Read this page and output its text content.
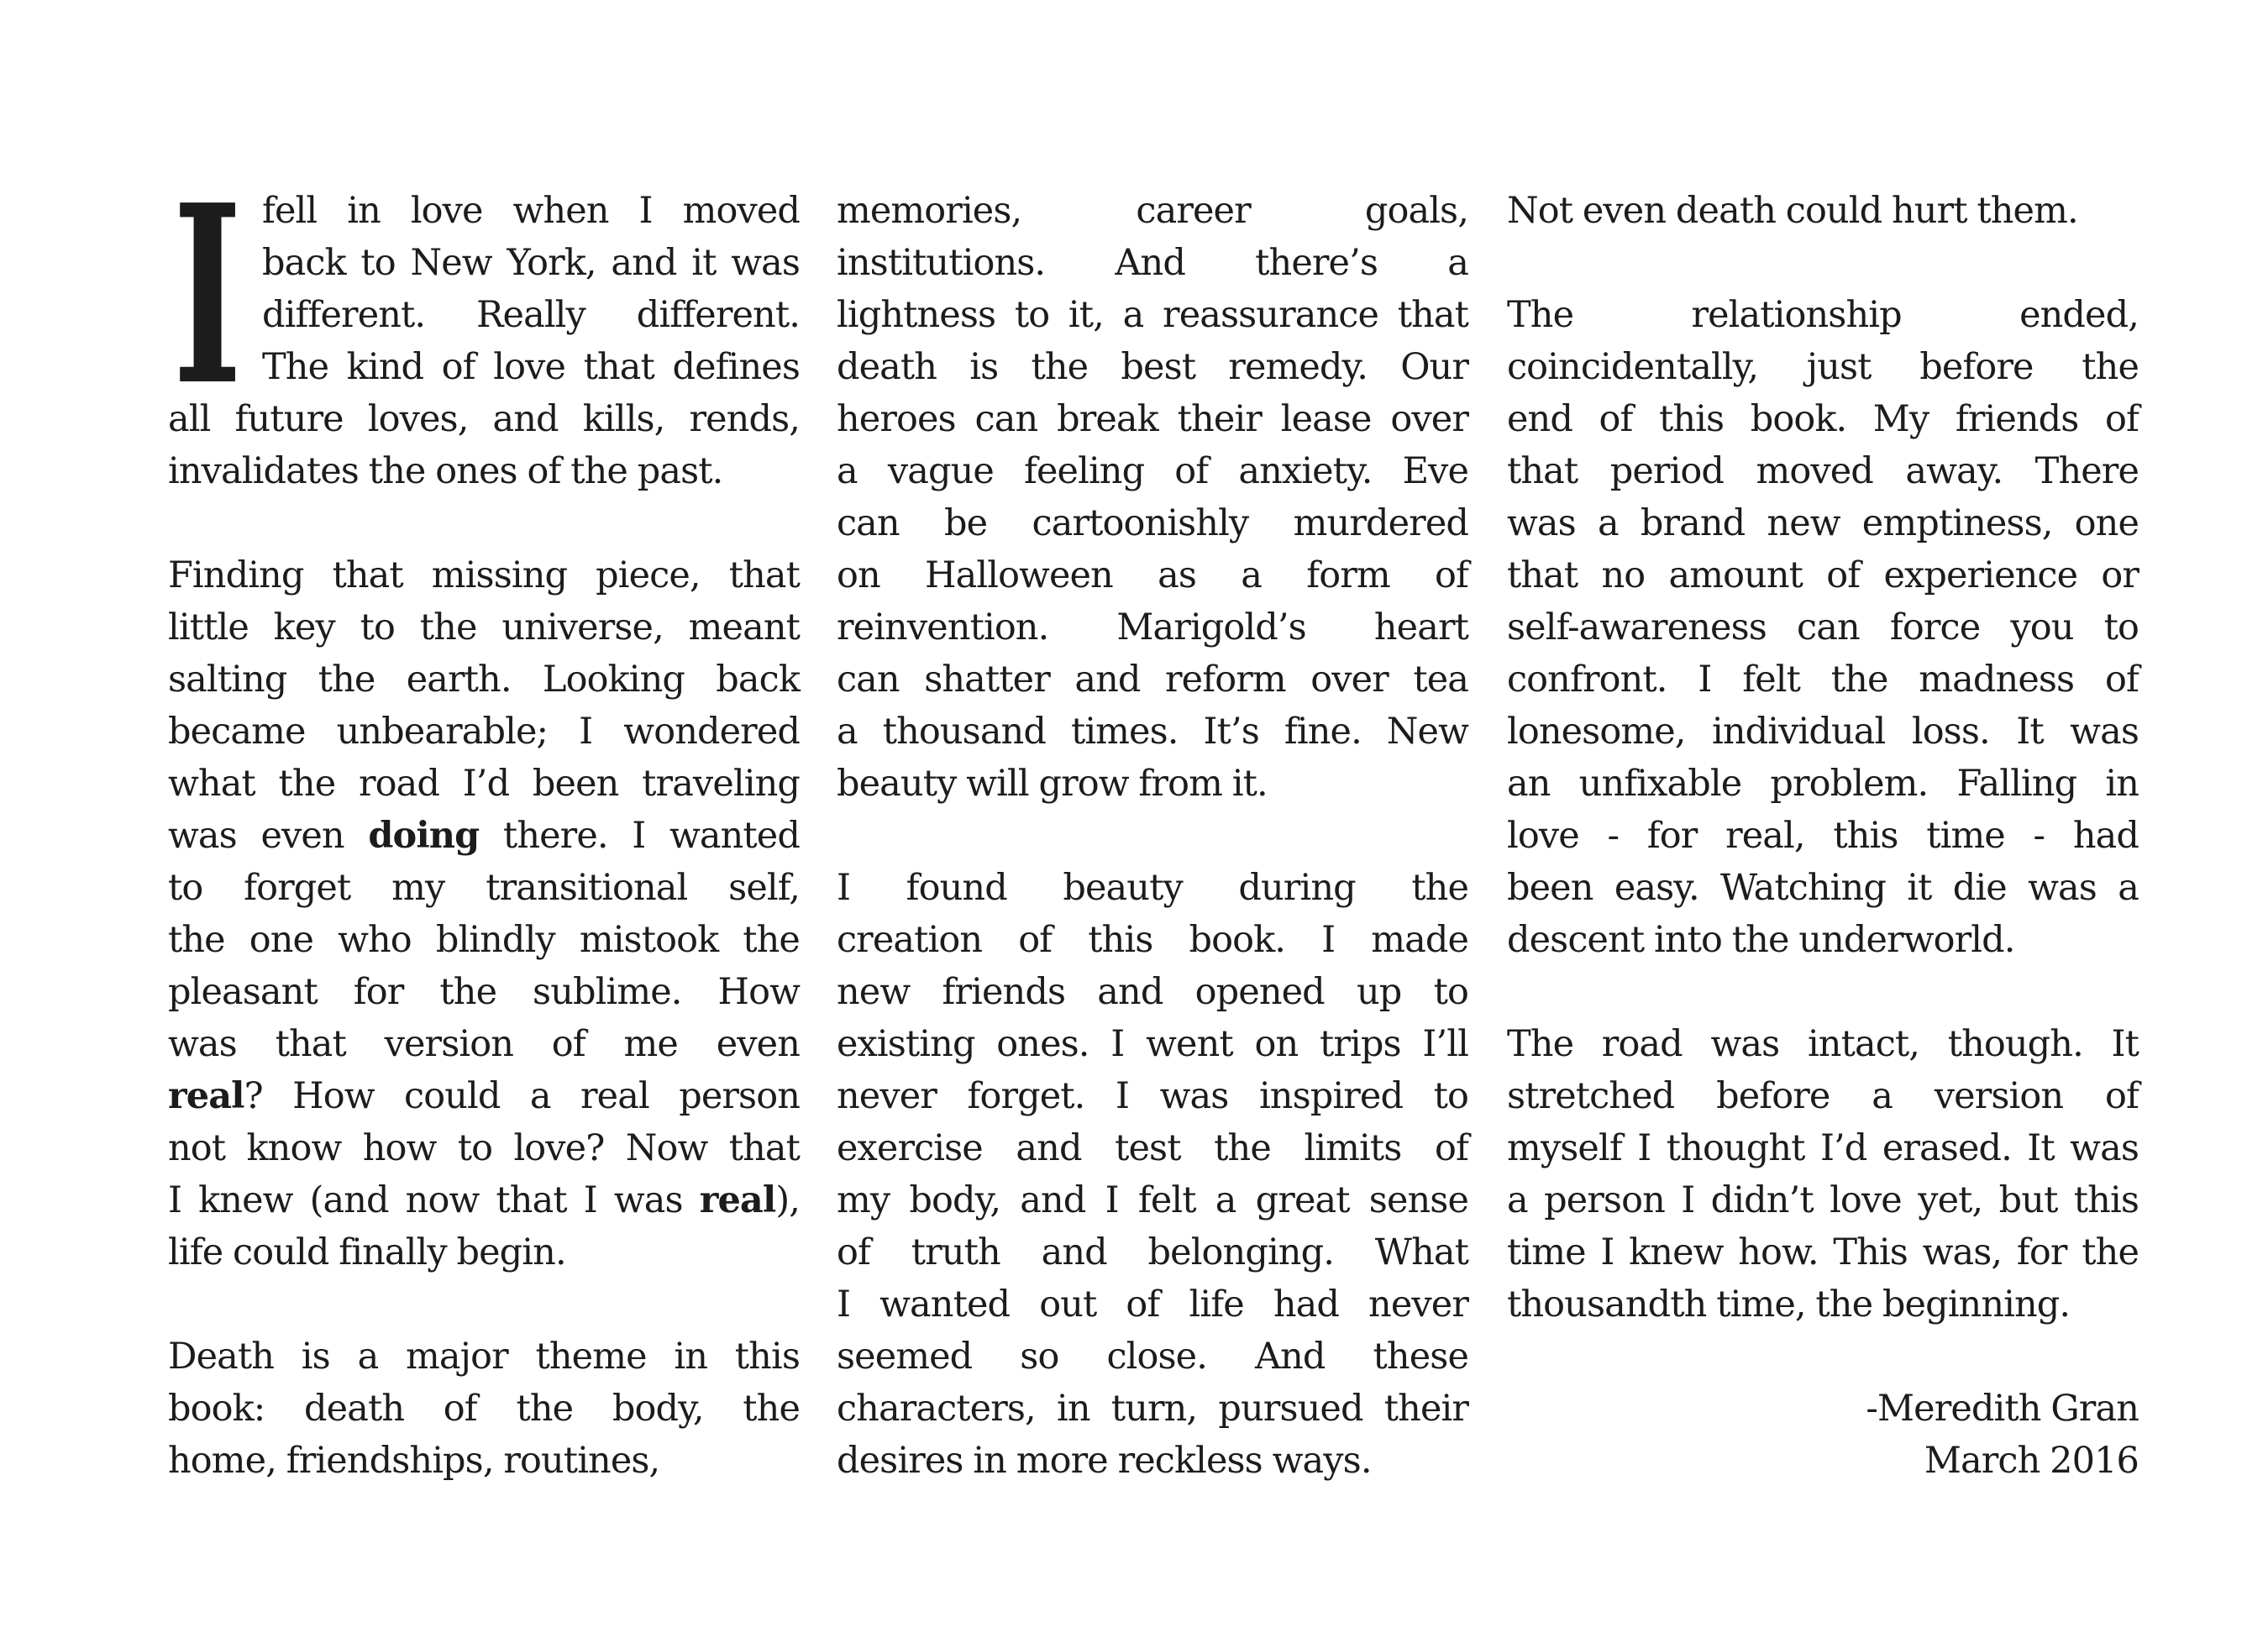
I fell in love when I moved
back to New York, and it was
different. Really different.
The kind of love that defines
all future loves, and kills, rends,
invalidates the ones of the past.
Finding that missing piece, that
little key to the universe, meant
salting the earth. Looking back
became unbearable; I wondered
what the road I’d been traveling
was even doing there. I wanted
to forget my transitional self,
the one who blindly mistook the
pleasant for the sublime. How
was that version of me even
real? How could a real person
not know how to love? Now that
I knew (and now that I was real),
life could finally begin.
Death is a major theme in this
book: death of the body, the
home, friendships, routines,
memories, career goals,
institutions. And there’s a
lightness to it, a reassurance that
death is the best remedy. Our
heroes can break their lease over
a vague feeling of anxiety. Eve
can be cartoonishly murdered
on Halloween as a form of
reinvention. Marigold’s heart
can shatter and reform over tea
a thousand times. It’s fine. New
beauty will grow from it.
I found beauty during the
creation of this book. I made
new friends and opened up to
existing ones. I went on trips I’ll
never forget. I was inspired to
exercise and test the limits of
my body, and I felt a great sense
of truth and belonging. What
I wanted out of life had never
seemed so close. And these
characters, in turn, pursued their
desires in more reckless ways.
Not even death could hurt them.
The relationship ended,
coincidentally, just before the
end of this book. My friends of
that period moved away. There
was a brand new emptiness, one
that no amount of experience or
self-awareness can force you to
confront. I felt the madness of
lonesome, individual loss. It was
an unfixable problem. Falling in
love - for real, this time - had
been easy. Watching it die was a
descent into the underworld.
The road was intact, though. It
stretched before a version of
myself I thought I’d erased. It was
a person I didn’t love yet, but this
time I knew how. This was, for the
thousandth time, the beginning.
-Meredith Gran
March 2016
